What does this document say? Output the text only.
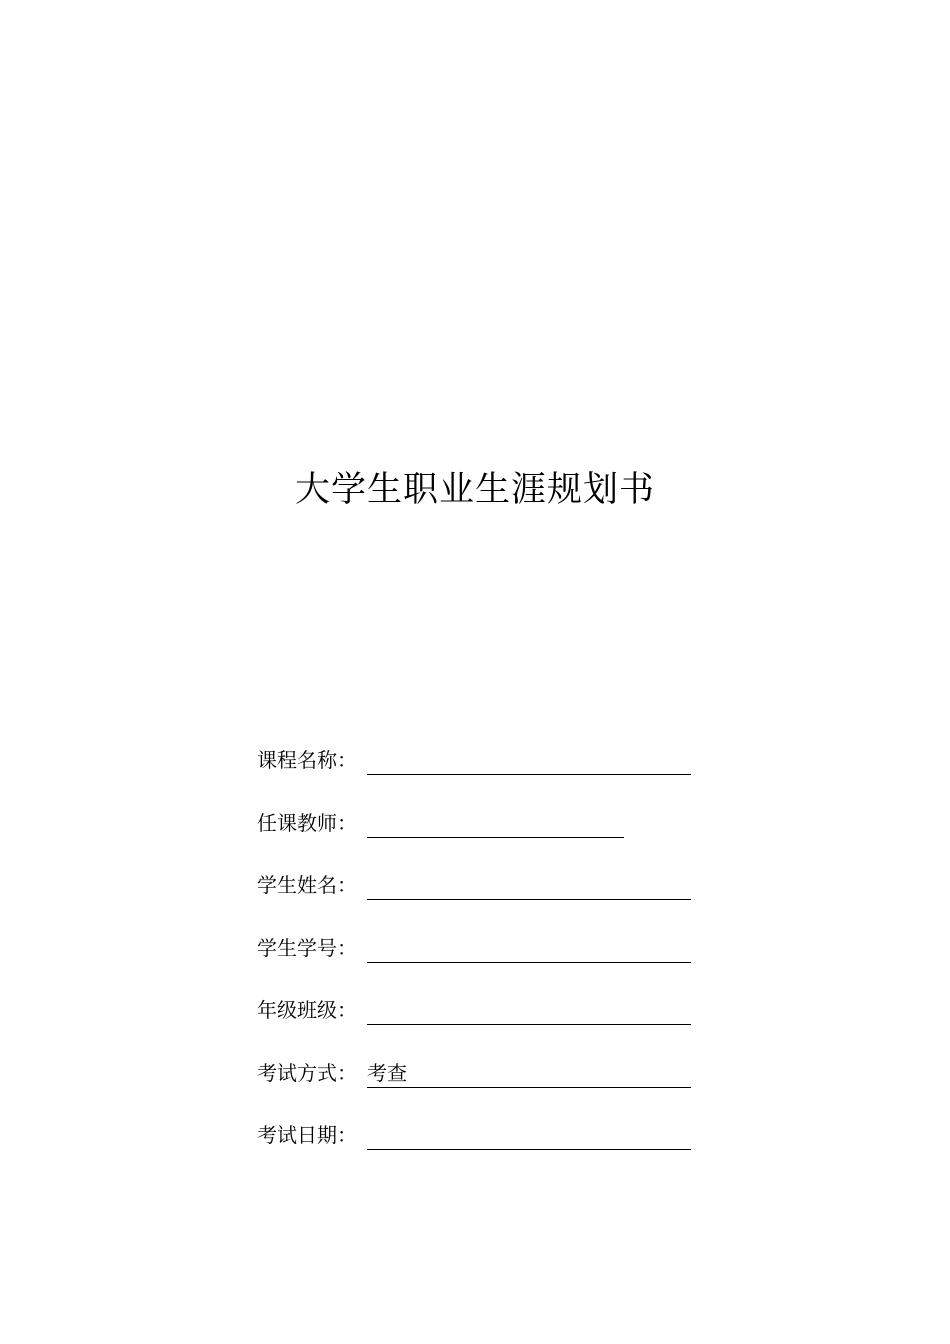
大学生职业生涯规划书
课程名称：
任课教师：
学生姓名：
学生学号：
年级班级：
考试方式： 考查
考试日期：
